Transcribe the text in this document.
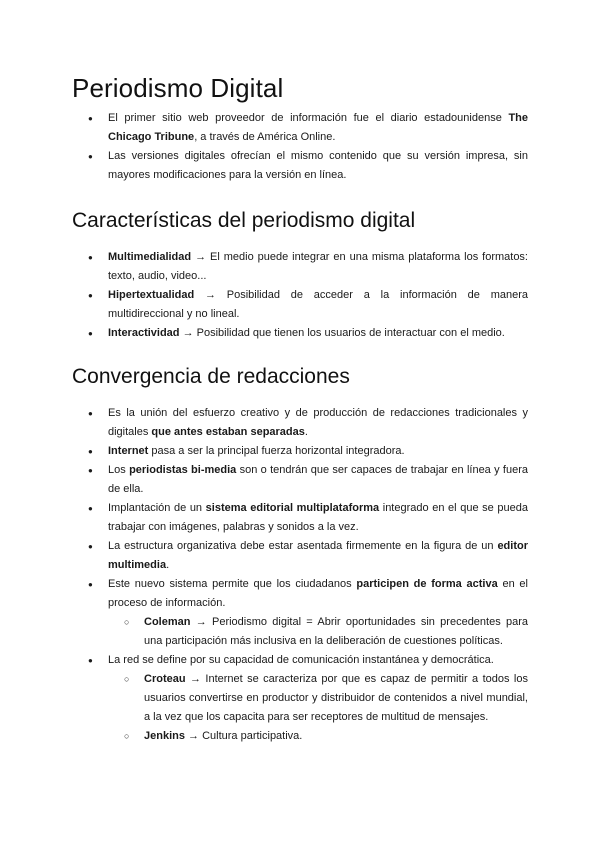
Periodismo Digital
● El primer sitio web proveedor de información fue el diario estadounidense The Chicago Tribune, a través de América Online.
● Las versiones digitales ofrecían el mismo contenido que su versión impresa, sin mayores modificaciones para la versión en línea.
Características del periodismo digital
● Multimedialidad → El medio puede integrar en una misma plataforma los formatos: texto, audio, video...
● Hipertextualidad → Posibilidad de acceder a la información de manera multidireccional y no lineal.
● Interactividad → Posibilidad que tienen los usuarios de interactuar con el medio.
Convergencia de redacciones
● Es la unión del esfuerzo creativo y de producción de redacciones tradicionales y digitales que antes estaban separadas.
● Internet pasa a ser la principal fuerza horizontal integradora.
● Los periodistas bi-media son o tendrán que ser capaces de trabajar en línea y fuera de ella.
● Implantación de un sistema editorial multiplataforma integrado en el que se pueda trabajar con imágenes, palabras y sonidos a la vez.
● La estructura organizativa debe estar asentada firmemente en la figura de un editor multimedia.
● Este nuevo sistema permite que los ciudadanos participen de forma activa en el proceso de información.
○ Coleman → Periodismo digital = Abrir oportunidades sin precedentes para una participación más inclusiva en la deliberación de cuestiones políticas.
● La red se define por su capacidad de comunicación instantánea y democrática.
○ Croteau → Internet se caracteriza por que es capaz de permitir a todos los usuarios convertirse en productor y distribuidor de contenidos a nivel mundial, a la vez que los capacita para ser receptores de multitud de mensajes.
○ Jenkins → Cultura participativa.
